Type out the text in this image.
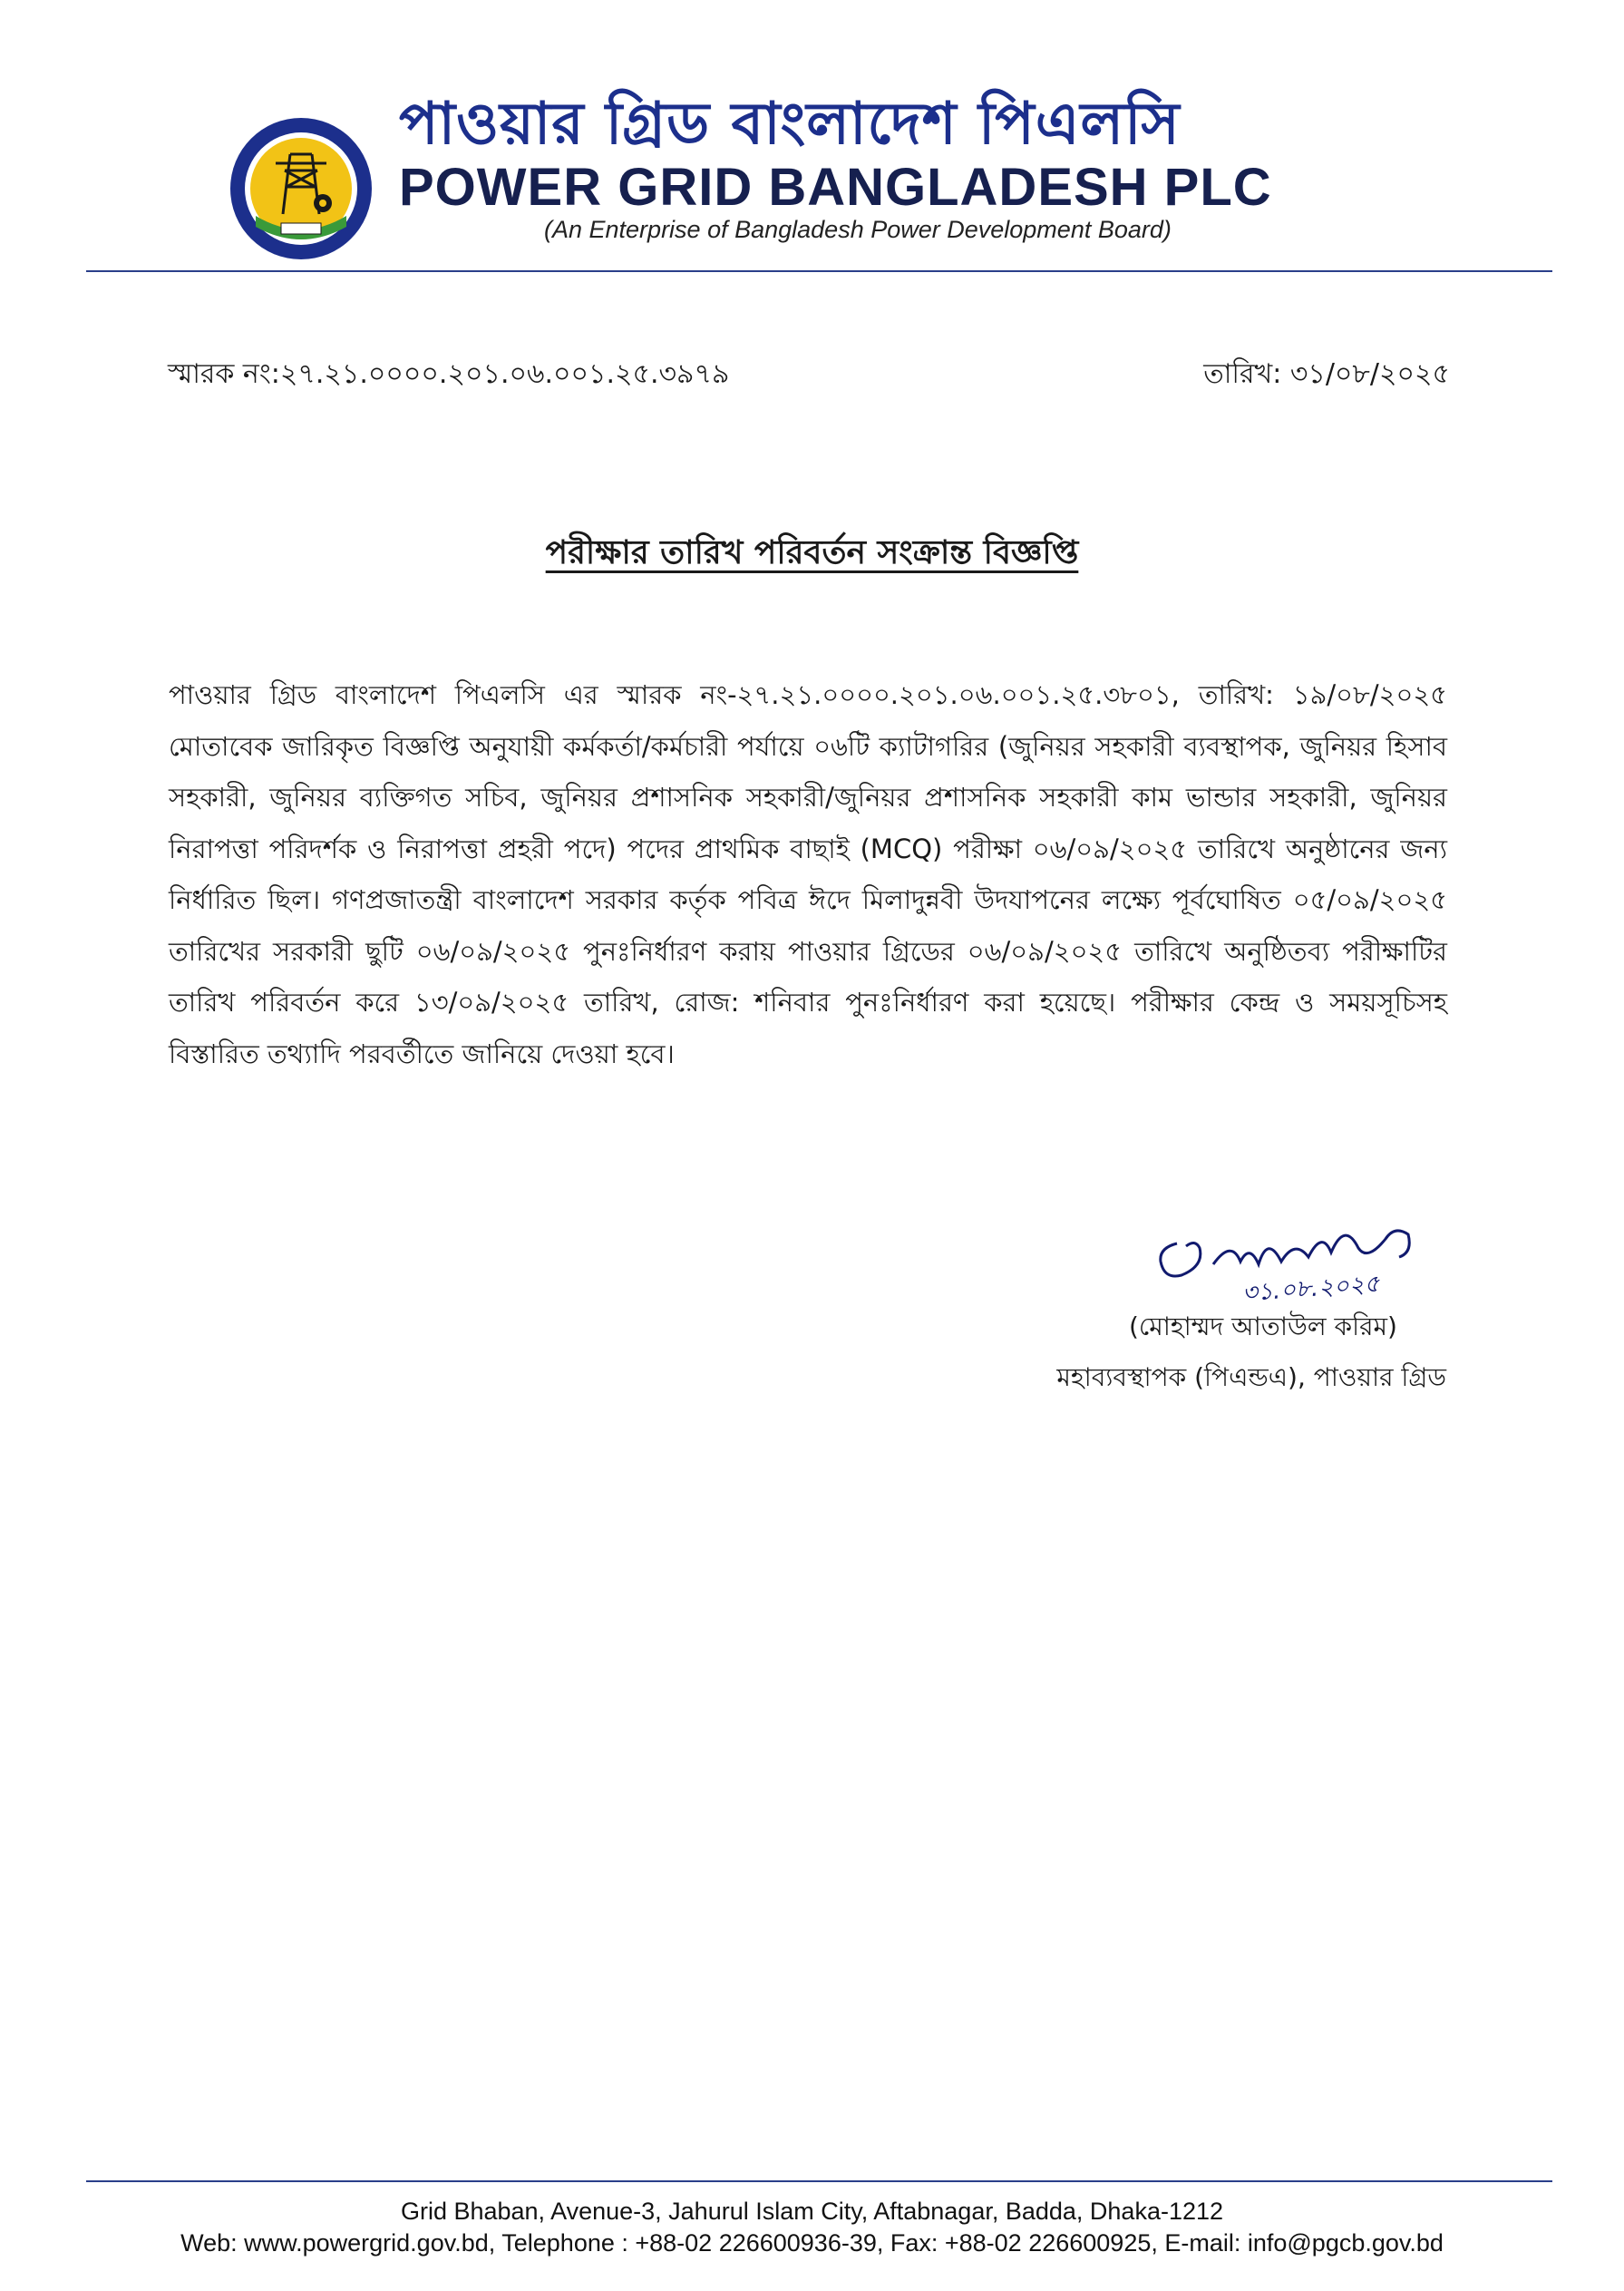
পাওয়ার গ্রিড বাংলাদেশ পিএলসি
POWER GRID BANGLADESH PLC
(An Enterprise of Bangladesh Power Development Board)
স্মারক নং:২৭.২১.০০০০.২০১.০৬.০০১.২৫.৩৯৭৯	তারিখ: ৩১/০৮/২০২৫
পরীক্ষার তারিখ পরিবর্তন সংক্রান্ত বিজ্ঞপ্তি
পাওয়ার গ্রিড বাংলাদেশ পিএলসি এর স্মারক নং-২৭.২১.০০০০.২০১.০৬.০০১.২৫.৩৮০১, তারিখ: ১৯/০৮/২০২৫ মোতাবেক জারিকৃত বিজ্ঞপ্তি অনুযায়ী কর্মকর্তা/কর্মচারী পর্যায়ে ০৬টি ক্যাটাগরির (জুনিয়র সহকারী ব্যবস্থাপক, জুনিয়র হিসাব সহকারী, জুনিয়র ব্যক্তিগত সচিব, জুনিয়র প্রশাসনিক সহকারী/জুনিয়র প্রশাসনিক সহকারী কাম ভান্ডার সহকারী, জুনিয়র নিরাপত্তা পরিদর্শক ও নিরাপত্তা প্রহরী পদে) পদের প্রাথমিক বাছাই (MCQ) পরীক্ষা ০৬/০৯/২০২৫ তারিখে অনুষ্ঠানের জন্য নির্ধারিত ছিল। গণপ্রজাতন্ত্রী বাংলাদেশ সরকার কর্তৃক পবিত্র ঈদে মিলাদুন্নবী উদযাপনের লক্ষ্যে পূর্বঘোষিত ০৫/০৯/২০২৫ তারিখের সরকারী ছুটি ০৬/০৯/২০২৫ পুনঃনির্ধারণ করায় পাওয়ার গ্রিডের ০৬/০৯/২০২৫ তারিখে অনুষ্ঠিতব্য পরীক্ষাটির তারিখ পরিবর্তন করে ১৩/০৯/২০২৫ তারিখ, রোজ: শনিবার পুনঃনির্ধারণ করা হয়েছে। পরীক্ষার কেন্দ্র ও সময়সূচিসহ বিস্তারিত তথ্যাদি পরবর্তীতে জানিয়ে দেওয়া হবে।
৩১.০৮.২০২৫
(মোহাম্মদ আতাউল করিম)
মহাব্যবস্থাপক (পিএন্ডএ), পাওয়ার গ্রিড
Grid Bhaban, Avenue-3, Jahurul Islam City, Aftabnagar, Badda, Dhaka-1212
Web: www.powergrid.gov.bd, Telephone : +88-02 226600936-39, Fax: +88-02 226600925, E-mail: info@pgcb.gov.bd
